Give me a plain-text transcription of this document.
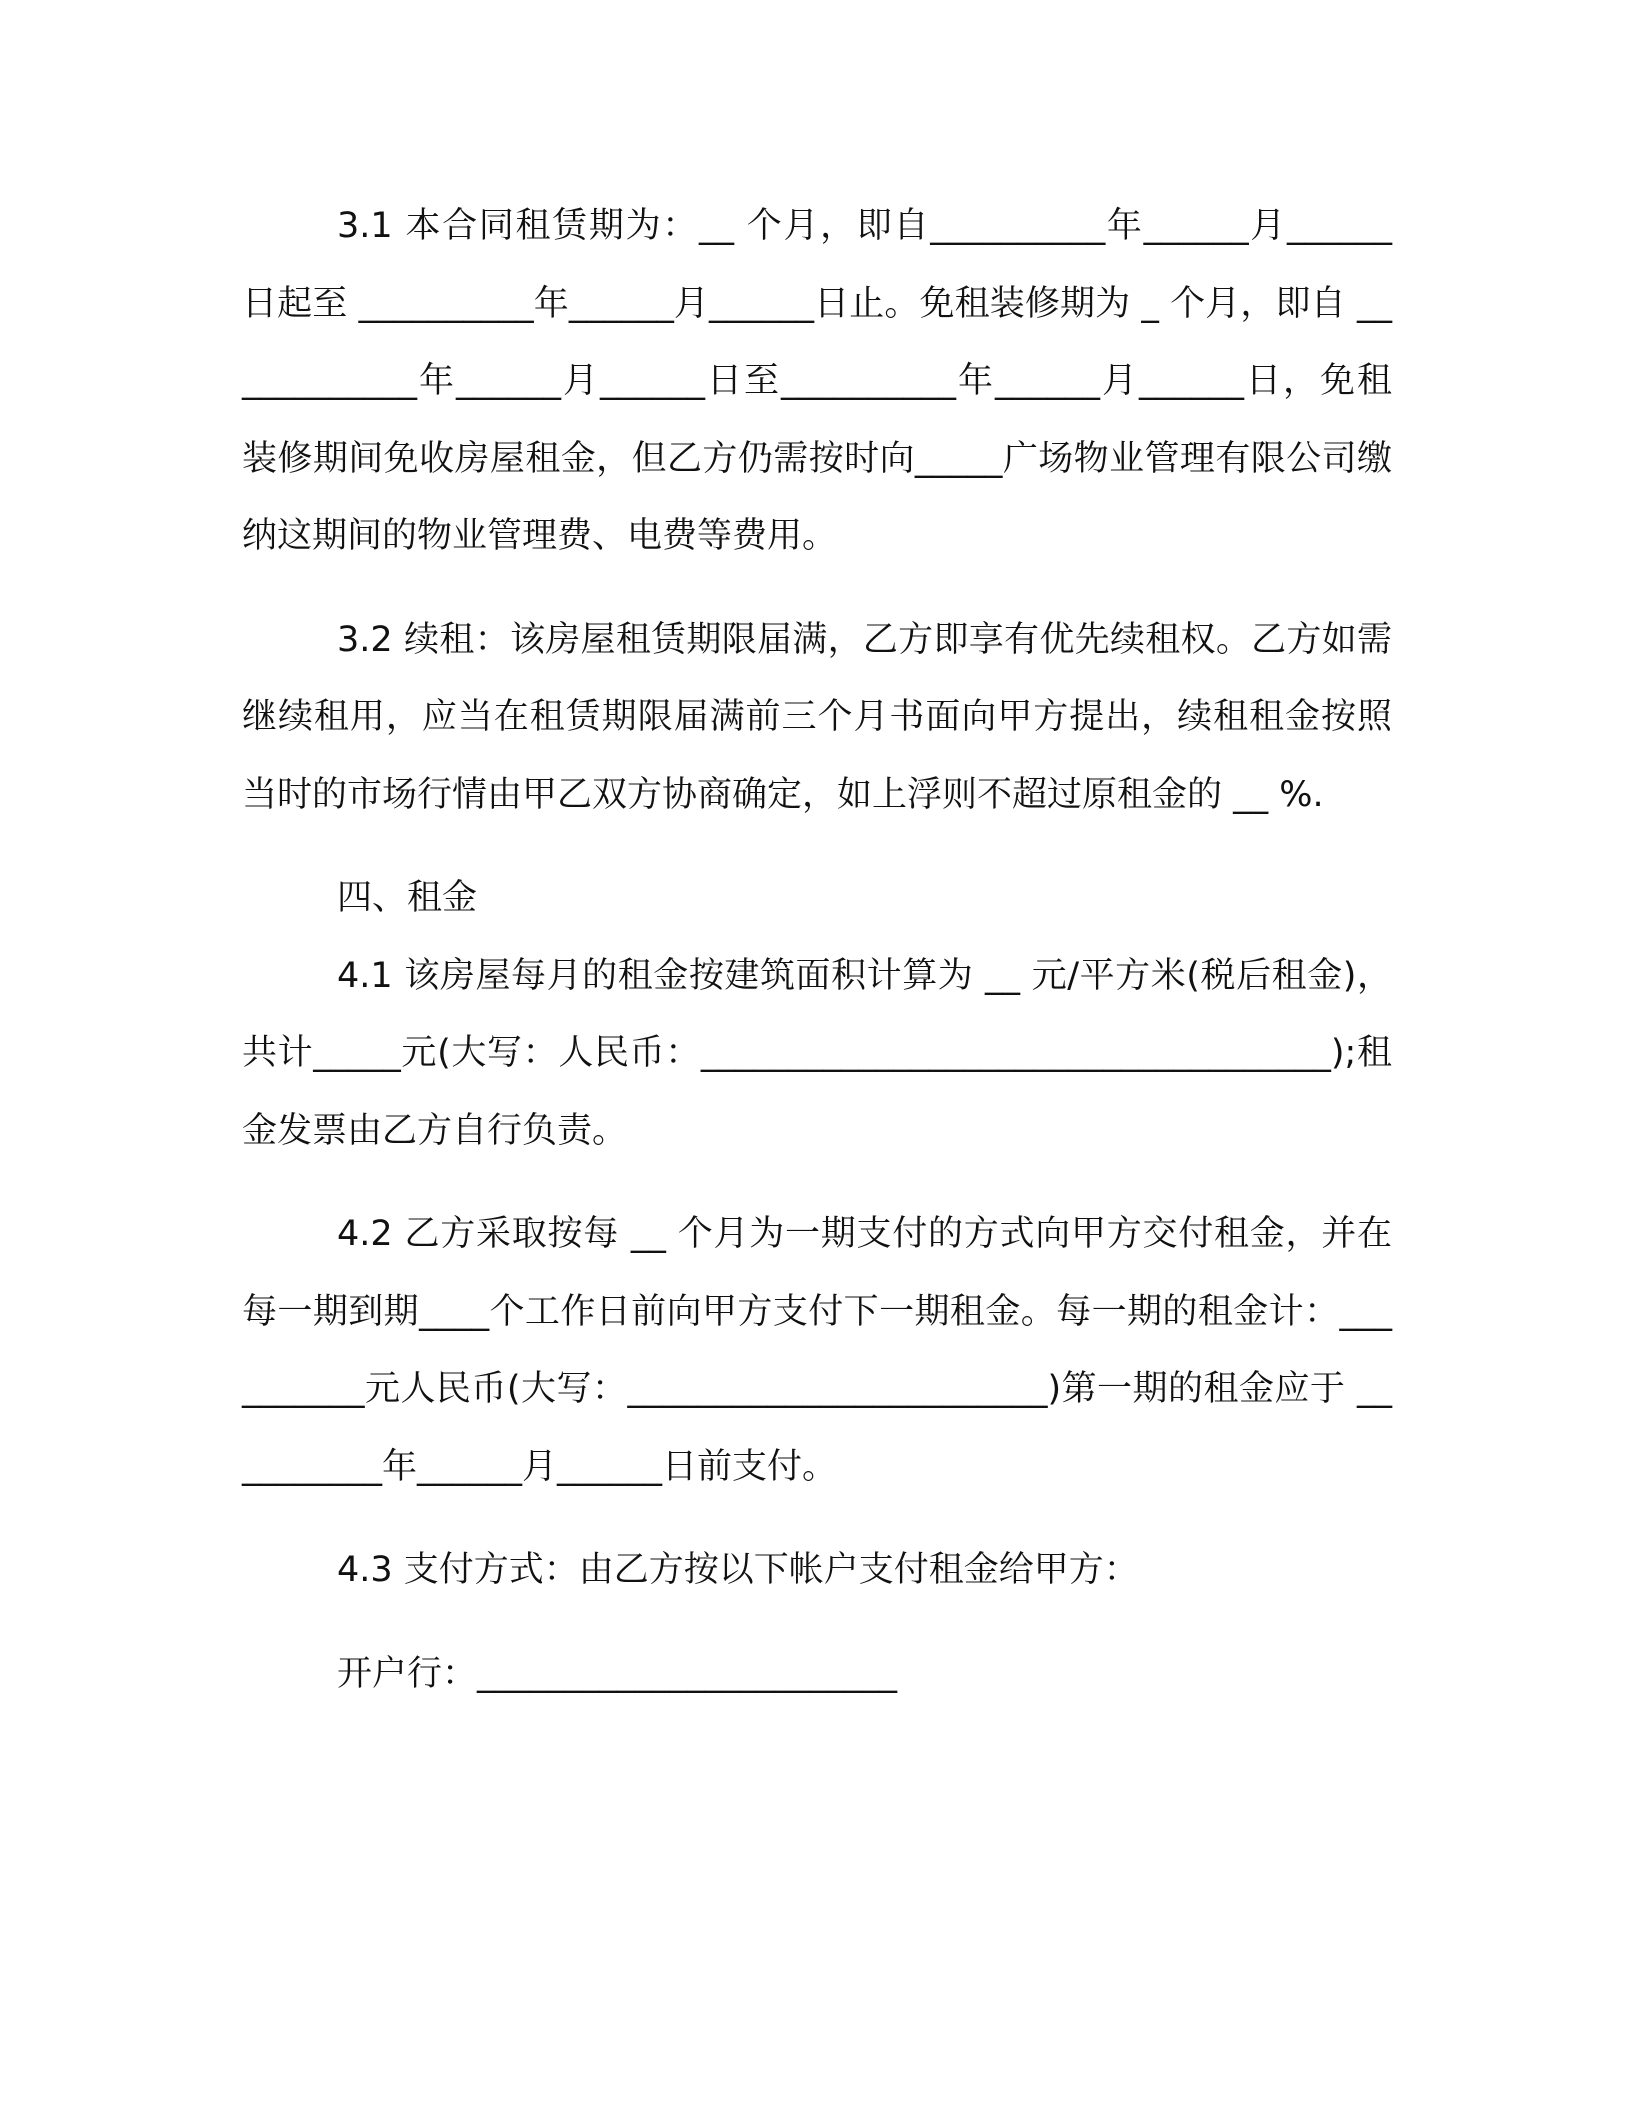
3.1 本合同租赁期为：__ 个月，即自__________年______月______日起至 __________年______月______日止。免租装修期为 _ 个月，即自 __ __________年______月______日至__________年______月______日，免租装修期间免收房屋租金，但乙方仍需按时向_____广场物业管理有限公司缴纳这期间的物业管理费、电费等费用。

3.2 续租：该房屋租赁期限届满，乙方即享有优先续租权。乙方如需继续租用，应当在租赁期限届满前三个月书面向甲方提出，续租租金按照当时的市场行情由甲乙双方协商确定，如上浮则不超过原租金的 __ %.

四、租金

4.1 该房屋每月的租金按建筑面积计算为 __ 元/平方米(税后租金)，共计_____元(大写：人民币：____________________________________);租金发票由乙方自行负责。

4.2 乙方采取按每 __ 个月为一期支付的方式向甲方交付租金，并在每一期到期____个工作日前向甲方支付下一期租金。每一期的租金计：__________元人民币(大写：________________________)第一期的租金应于 __________年______月______日前支付。

4.3 支付方式：由乙方按以下帐户支付租金给甲方：

开户行：________________________
